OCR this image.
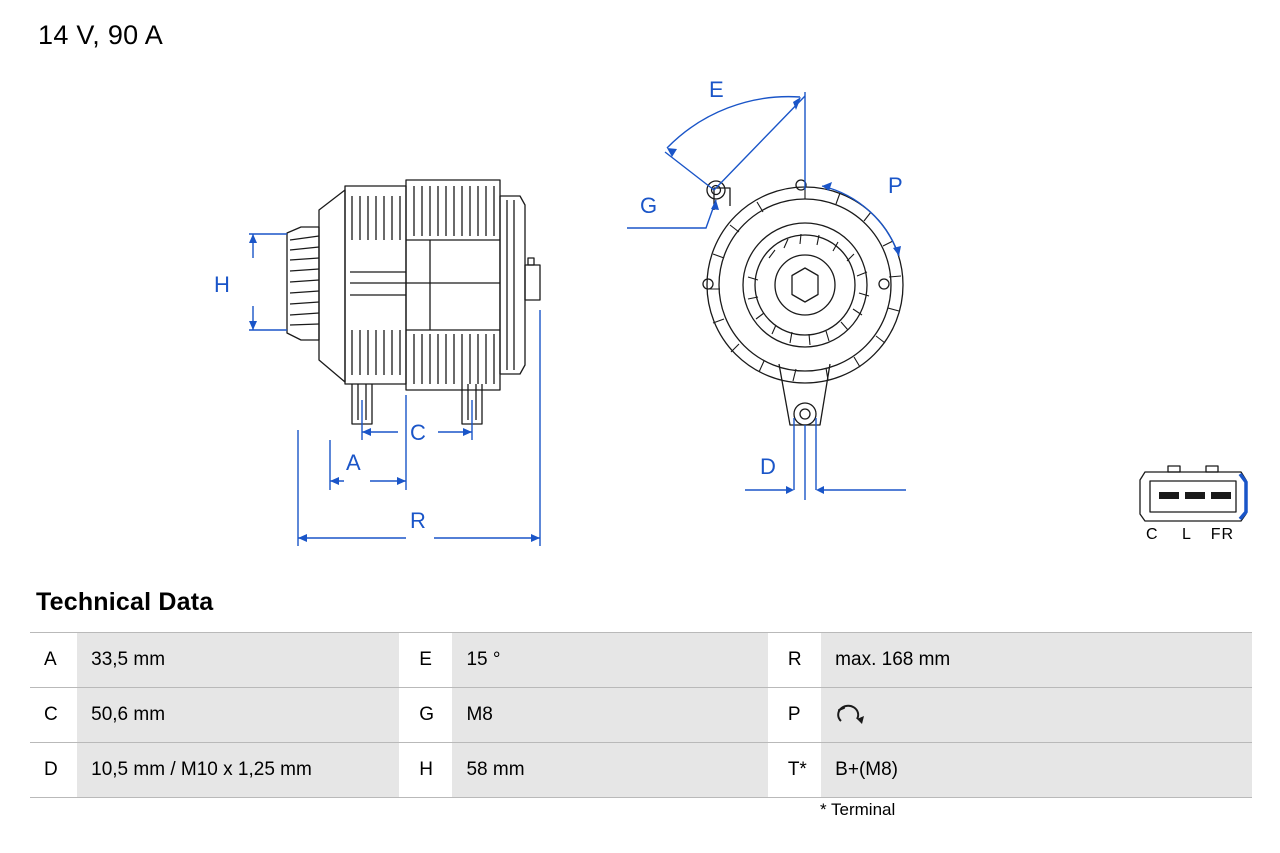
14 V, 90 A
H
C
A
R
E
G
P
D
C L FR
Technical Data
A	33,5 mm	E	15 °	R	max. 168 mm
C	50,6 mm	G	M8	P	
D	10,5 mm / M10 x 1,25 mm	H	58 mm	T*	B+(M8)
* Terminal
